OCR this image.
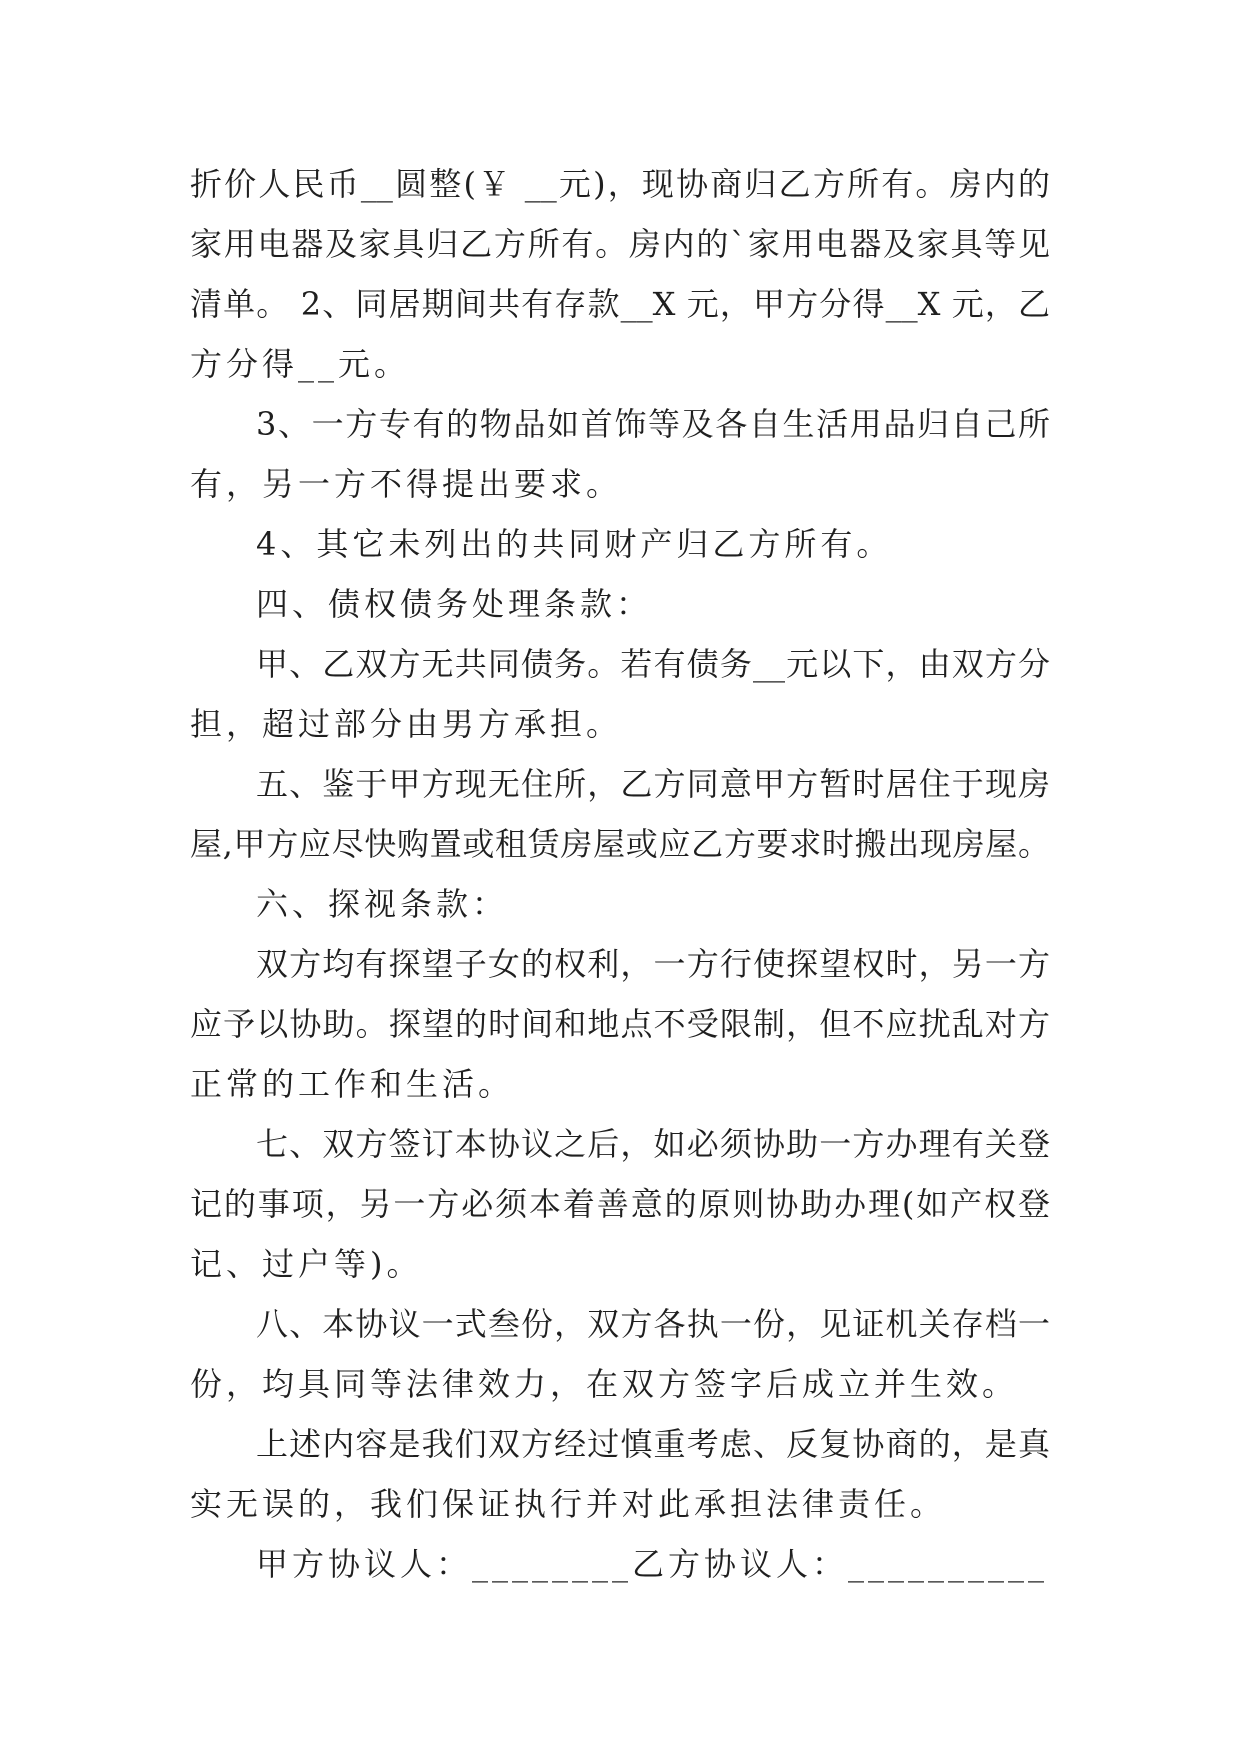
折价人民币__圆整(￥ __元)，现协商归乙方所有。房内的
家用电器及家具归乙方所有。房内的`家用电器及家具等见
清单。 2、同居期间共有存款__X 元，甲方分得__X 元，乙
方分得__元。
3、一方专有的物品如首饰等及各自生活用品归自己所
有，另一方不得提出要求。
4、其它未列出的共同财产归乙方所有。
四、债权债务处理条款：
甲、乙双方无共同债务。若有债务__元以下，由双方分
担，超过部分由男方承担。
五、鉴于甲方现无住所，乙方同意甲方暂时居住于现房
屋,甲方应尽快购置或租赁房屋或应乙方要求时搬出现房屋。
六、探视条款：
双方均有探望子女的权利，一方行使探望权时，另一方
应予以协助。探望的时间和地点不受限制，但不应扰乱对方
正常的工作和生活。
七、双方签订本协议之后，如必须协助一方办理有关登
记的事项，另一方必须本着善意的原则协助办理(如产权登
记、过户等)。
八、本协议一式叁份，双方各执一份，见证机关存档一
份，均具同等法律效力，在双方签字后成立并生效。
上述内容是我们双方经过慎重考虑、反复协商的，是真
实无误的，我们保证执行并对此承担法律责任。
甲方协议人：________乙方协议人：__________
